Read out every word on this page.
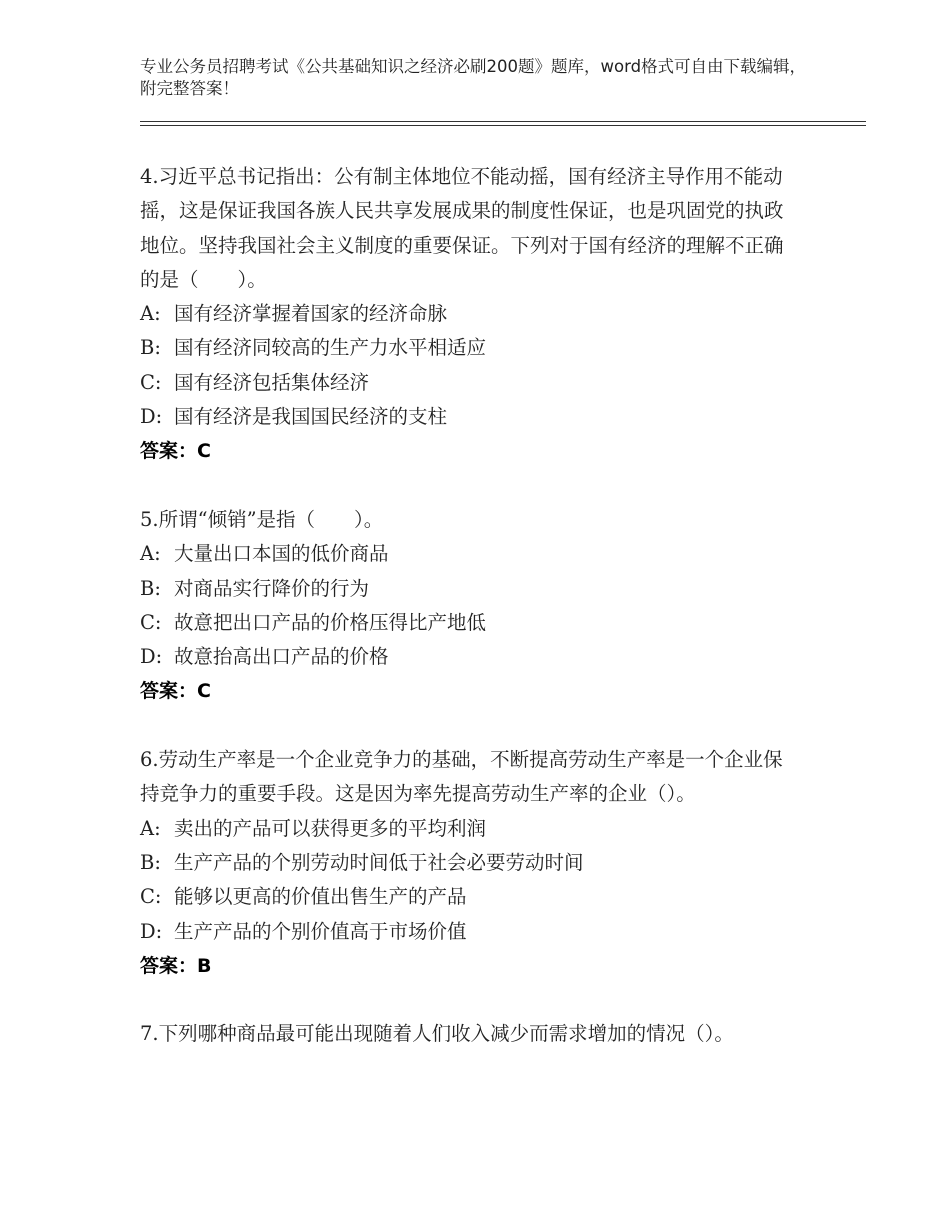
专业公务员招聘考试《公共基础知识之经济必刷200题》题库，word格式可自由下载编辑，附完整答案！

4.习近平总书记指出：公有制主体地位不能动摇，国有经济主导作用不能动摇，这是保证我国各族人民共享发展成果的制度性保证，也是巩固党的执政地位。坚持我国社会主义制度的重要保证。下列对于国有经济的理解不正确的是（　　）。

A: 国有经济掌握着国家的经济命脉

B: 国有经济同较高的生产力水平相适应

C: 国有经济包括集体经济

D: 国有经济是我国国民经济的支柱

答案：C

5.所谓“倾销”是指（　　）。

A: 大量出口本国的低价商品

B: 对商品实行降价的行为

C: 故意把出口产品的价格压得比产地低

D: 故意抬高出口产品的价格

答案：C

6.劳动生产率是一个企业竞争力的基础，不断提高劳动生产率是一个企业保持竞争力的重要手段。这是因为率先提高劳动生产率的企业（）。

A: 卖出的产品可以获得更多的平均利润

B: 生产产品的个别劳动时间低于社会必要劳动时间

C: 能够以更高的价值出售生产的产品

D: 生产产品的个别价值高于市场价值

答案：B

7.下列哪种商品最可能出现随着人们收入减少而需求增加的情况（）。
